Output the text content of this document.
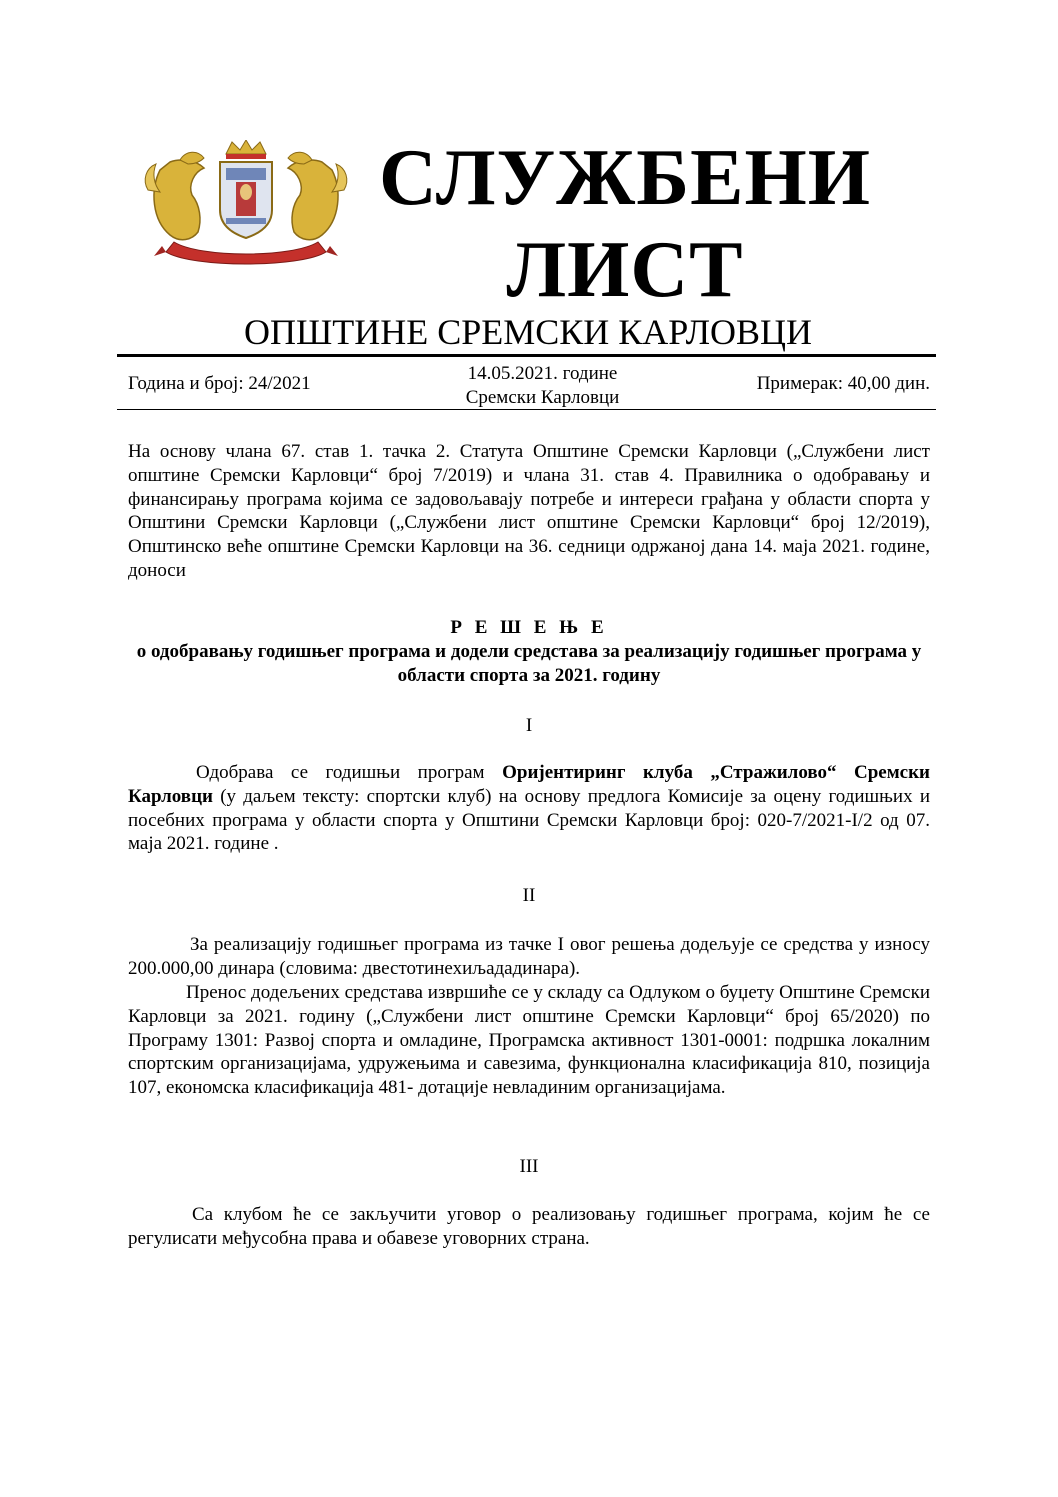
СЛУЖБЕНИ
ЛИСТ
ОПШТИНЕ СРЕМСКИ КАРЛОВЦИ
Година и број: 24/2021	14.05.2021. године
Сремски Карловци
Примерак: 40,00 дин.
На основу члана 67. став 1. тачка 2. Статута Општине Сремски Карловци („Службени лист општине Сремски Карловци“ број 7/2019) и члана 31. став 4. Правилника о одобравању и финансирању програма којима се задовољавају потребе и интереси грађана у области спорта у Општини Сремски Карловци („Службени лист општине Сремски Карловци“ број 12/2019), Општинско веће општине Сремски Карловци на 36. седници одржаној дана 14. маја 2021. године, доноси
Р Е Ш Е Њ Е
о одобравању годишњег програма и додели средстава за реализацију годишњег програма у области спорта за 2021. годину
I
Одобрава се годишњи програм Оријентиринг клуба „Стражилово“ Сремски Карловци (у даљем тексту: спортски клуб) на основу предлога Комисије за оцену годишњих и посебних програма у области спорта у Општини Сремски Карловци број: 020-7/2021-I/2 од 07. маја 2021. године .
II
За реализацију годишњег програма из тачке I овог решења додељује се средства у износу 200.000,00 динара (словима: двестотинехиљададинара).
Пренос додељених средстава извршиће се у складу са Одлуком о буџету Општине Сремски Карловци за 2021. годину („Службени лист општине Сремски Карловци“ број 65/2020) по Програму 1301: Развој спорта и омладине, Програмска активност 1301-0001: подршка локалним спортским организацијама, удружењима и савезима, функционална класификација 810, позиција 107, економска класификација 481- дотације невладиним организацијама.
III
Са клубом ће се закључити уговор о реализовању годишњег програма, којим ће се регулисати међусобна права и обавезе уговорних страна.
